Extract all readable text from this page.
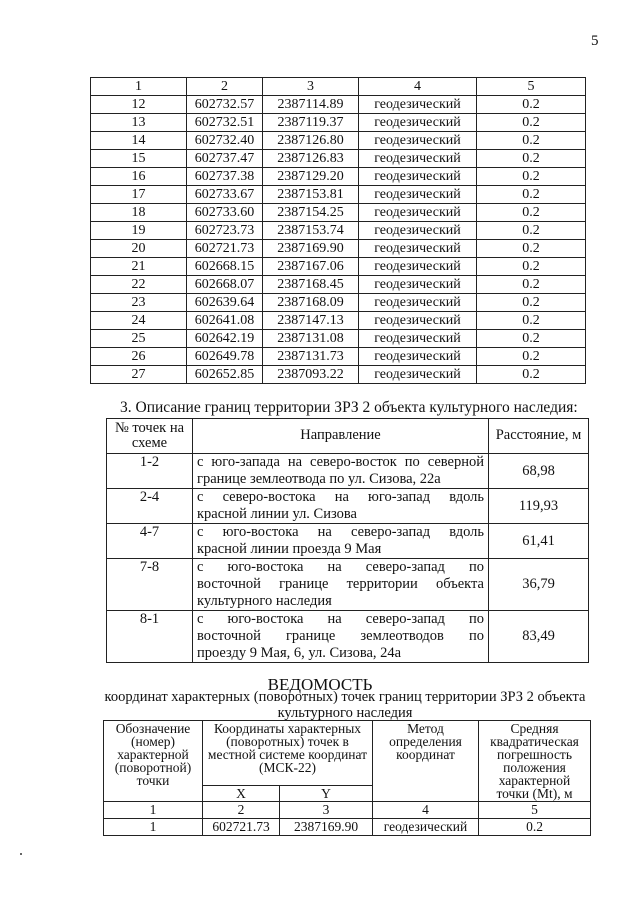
5
1	2	3	4	5
12	602732.57	2387114.89	геодезический	0.2
13	602732.51	2387119.37	геодезический	0.2
14	602732.40	2387126.80	геодезический	0.2
15	602737.47	2387126.83	геодезический	0.2
16	602737.38	2387129.20	геодезический	0.2
17	602733.67	2387153.81	геодезический	0.2
18	602733.60	2387154.25	геодезический	0.2
19	602723.73	2387153.74	геодезический	0.2
20	602721.73	2387169.90	геодезический	0.2
21	602668.15	2387167.06	геодезический	0.2
22	602668.07	2387168.45	геодезический	0.2
23	602639.64	2387168.09	геодезический	0.2
24	602641.08	2387147.13	геодезический	0.2
25	602642.19	2387131.08	геодезический	0.2
26	602649.78	2387131.73	геодезический	0.2
27	602652.85	2387093.22	геодезический	0.2
3. Описание границ территории ЗРЗ 2 объекта культурного наследия:
№ точек на схеме	Направление	Расстояние, м
1-2	с юго-запада на северо-восток по северной
границе землеотвода по ул. Сизова, 22а	68,98
2-4	с северо-востока на юго-запад вдоль
красной линии ул. Сизова	119,93
4-7	с юго-востока на северо-запад вдоль
красной линии проезда 9 Мая	61,41
7-8	с юго-востока на северо-запад по
восточной границе территории объекта
культурного наследия	36,79
8-1	с юго-востока на северо-запад по
восточной границе землеотводов по
проезду 9 Мая, 6, ул. Сизова, 24а	83,49
ВЕДОМОСТЬ
координат характерных (поворотных) точек границ территории ЗРЗ 2 объекта культурного наследия
Обозначение (номер) характерной (поворотной) точки	Координаты характерных (поворотных) точек в местной системе координат (МСК-22)		Метод определения координат	Средняя квадратическая погрешность положения характерной точки (Mt), м
	X	Y		
1	2	3	4	5
1	602721.73	2387169.90	геодезический	0.2
